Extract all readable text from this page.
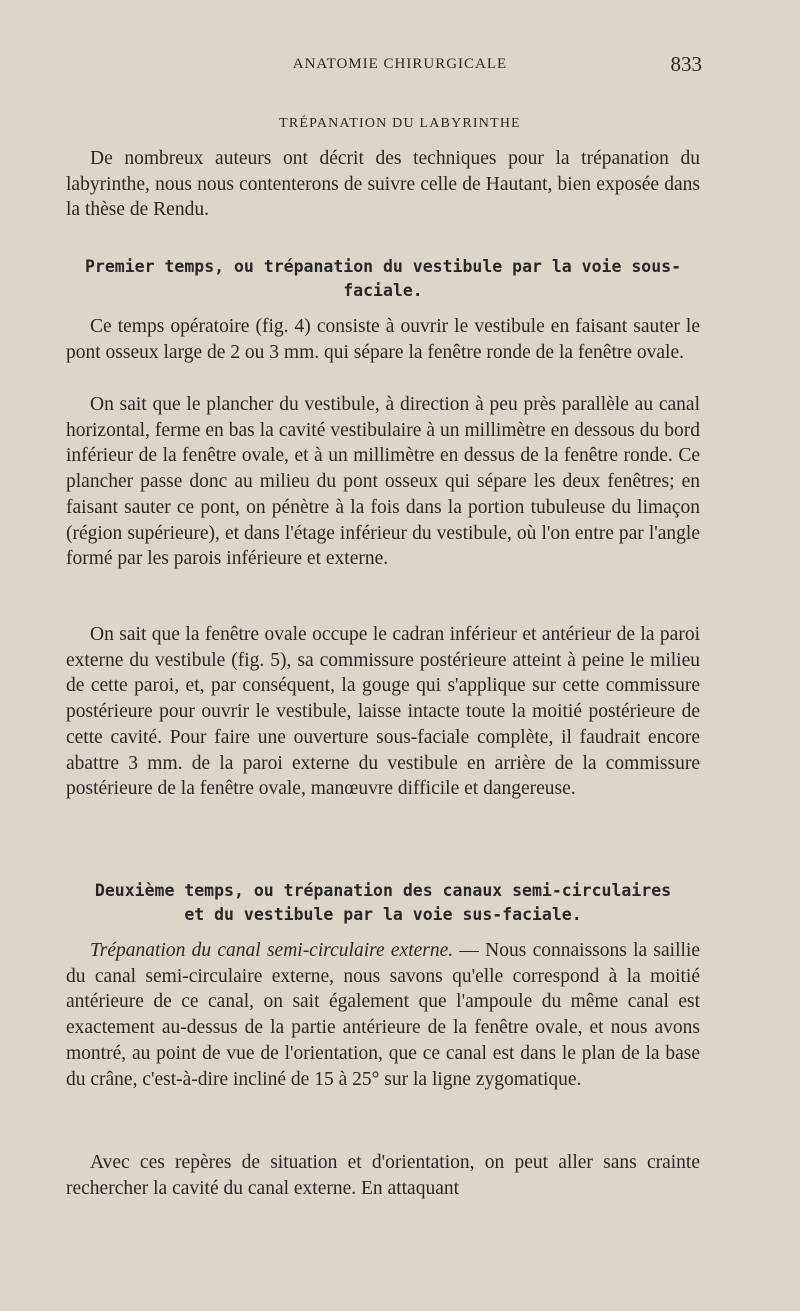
ANATOMIE CHIRURGICALE	833
TRÉPANATION DU LABYRINTHE

De nombreux auteurs ont décrit des techniques pour la trépanation du labyrinthe, nous nous contenterons de suivre celle de Hautant, bien exposée dans la thèse de Rendu.

Premier temps, ou trépanation du vestibule par la voie sous-faciale.

Ce temps opératoire (fig. 4) consiste à ouvrir le vestibule en faisant sauter le pont osseux large de 2 ou 3 mm. qui sépare la fenêtre ronde de la fenêtre ovale.

On sait que le plancher du vestibule, à direction à peu près parallèle au canal horizontal, ferme en bas la cavité vestibulaire à un millimètre en dessous du bord inférieur de la fenêtre ovale, et à un millimètre en dessus de la fenêtre ronde. Ce plancher passe donc au milieu du pont osseux qui sépare les deux fenêtres; en faisant sauter ce pont, on pénètre à la fois dans la portion tubuleuse du limaçon (région supérieure), et dans l'étage inférieur du vestibule, où l'on entre par l'angle formé par les parois inférieure et externe.

On sait que la fenêtre ovale occupe le cadran inférieur et antérieur de la paroi externe du vestibule (fig. 5), sa commissure postérieure atteint à peine le milieu de cette paroi, et, par conséquent, la gouge qui s'applique sur cette commissure postérieure pour ouvrir le vestibule, laisse intacte toute la moitié postérieure de cette cavité. Pour faire une ouverture sous-faciale complète, il faudrait encore abattre 3 mm. de la paroi externe du vestibule en arrière de la commissure postérieure de la fenêtre ovale, manœuvre difficile et dangereuse.

Deuxième temps, ou trépanation des canaux semi-circulaires
et du vestibule par la voie sus-faciale.

Trépanation du canal semi-circulaire externe. — Nous connaissons la saillie du canal semi-circulaire externe, nous savons qu'elle correspond à la moitié antérieure de ce canal, on sait également que l'ampoule du même canal est exactement au-dessus de la partie antérieure de la fenêtre ovale, et nous avons montré, au point de vue de l'orientation, que ce canal est dans le plan de la base du crâne, c'est-à-dire incliné de 15 à 25° sur la ligne zygomatique.

Avec ces repères de situation et d'orientation, on peut aller sans crainte rechercher la cavité du canal externe. En attaquant
